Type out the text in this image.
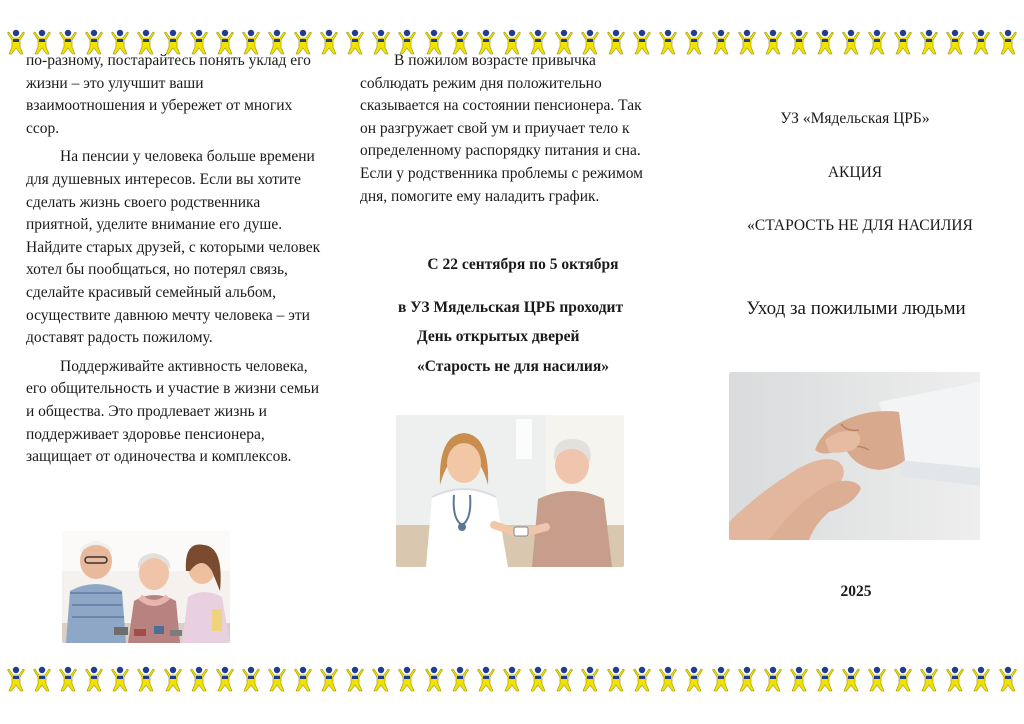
по-разному, постарайтесь понять уклад его жизни – это улучшит ваши взаимоотношения и убережет от многих ссор.

На пенсии у человека больше времени для душевных интересов. Если вы хотите сделать жизнь своего родственника приятной, уделите внимание его душе. Найдите старых друзей, с которыми человек хотел бы пообщаться, но потерял связь, сделайте красивый семейный альбом, осуществите давнюю мечту человека – эти доставят радость пожилому.

Поддерживайте активность человека, его общительность и участие в жизни семьи и общества. Это продлевает жизнь и поддерживает здоровье пенсионера, защищает от одиночества и комплексов.

В пожилом возрасте привычка соблюдать режим дня положительно сказывается на состоянии пенсионера. Так он разгружает свой ум и приучает тело к определенному распорядку питания и сна. Если у родственника проблемы с режимом дня, помогите ему наладить график.

С 22 сентября по 5 октября
в УЗ Мядельская ЦРБ проходит
День открытых дверей
«Старость не для насилия»
УЗ «Мядельская ЦРБ»
АКЦИЯ
«СТАРОСТЬ НЕ ДЛЯ НАСИЛИЯ
Уход за пожилыми людьми
2025
